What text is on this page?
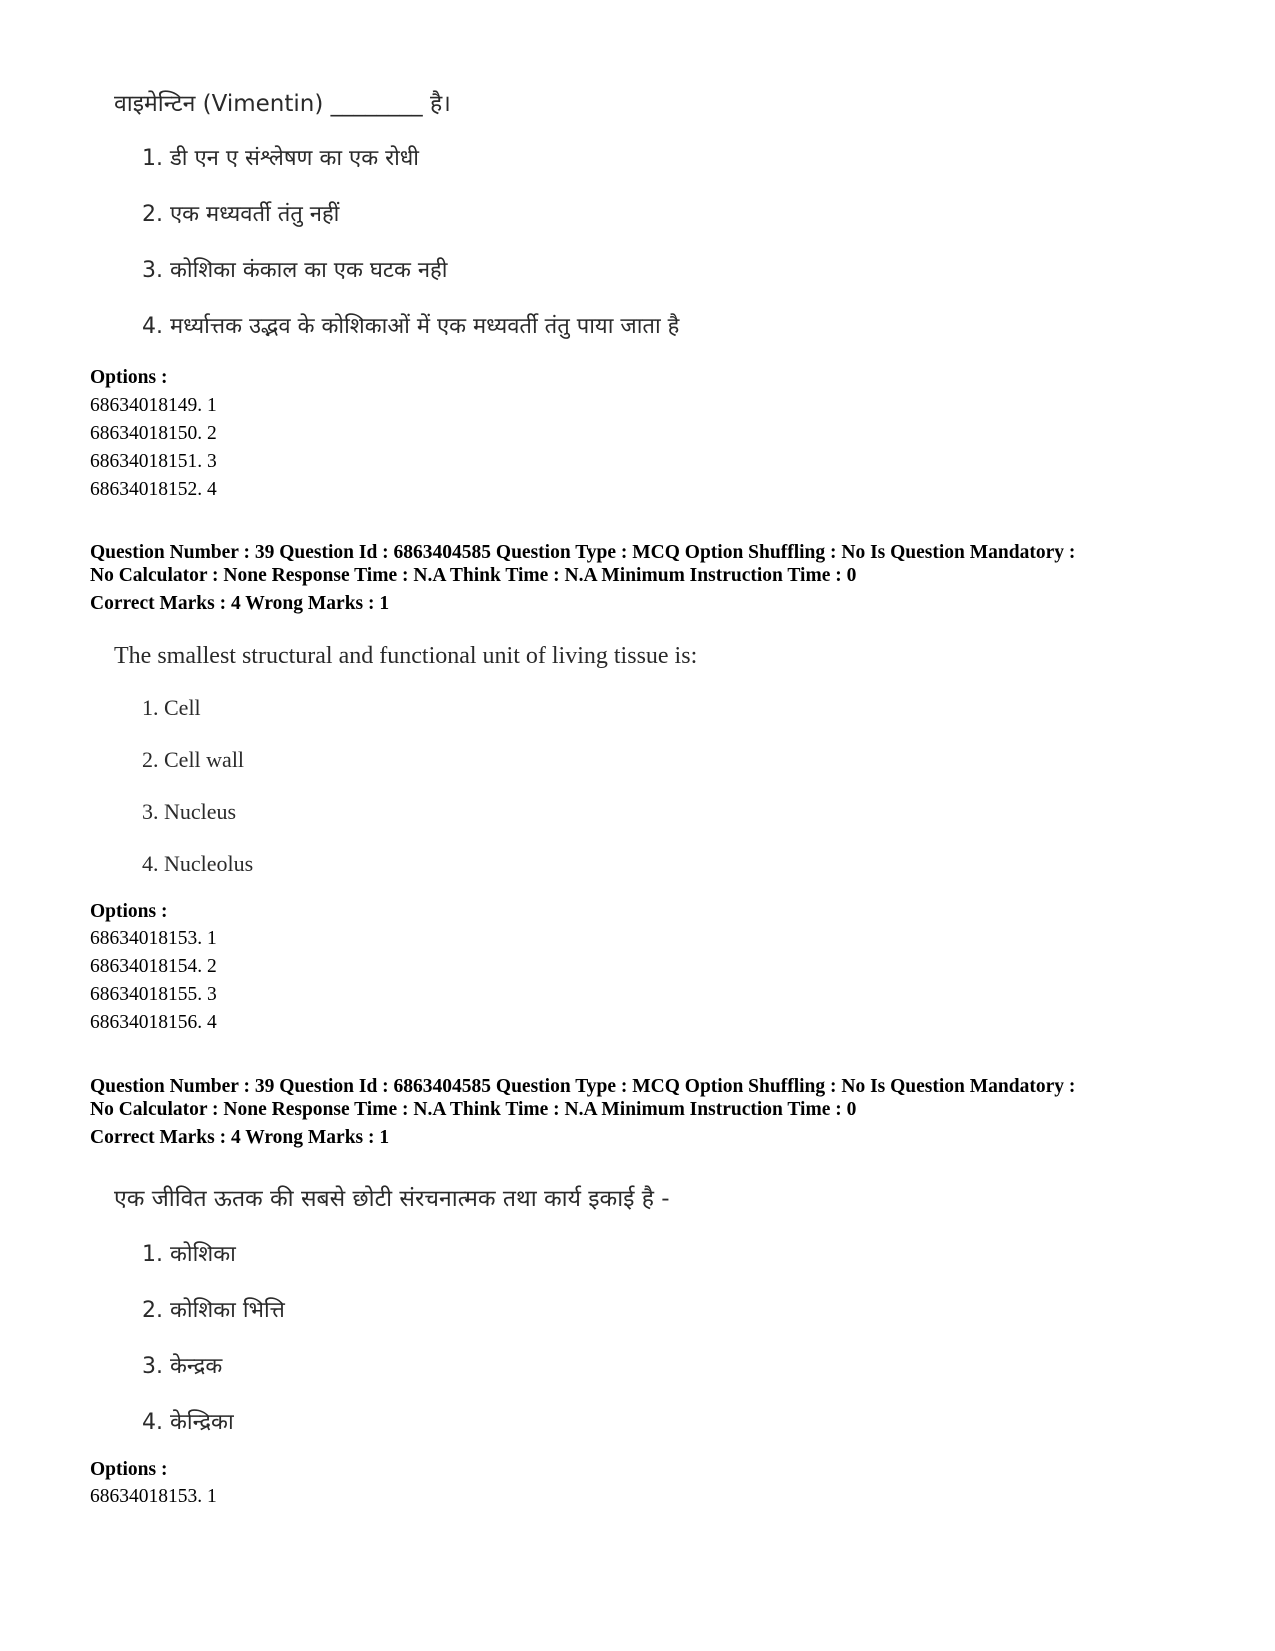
वाइमेन्टिन (Vimentin) ________ है।
1. डी एन ए संश्लेषण का एक रोधी
2. एक मध्यवर्ती तंतु नहीं
3. कोशिका कंकाल का एक घटक नही
4. मर्ध्यात्तक उद्भव के कोशिकाओं में एक मध्यवर्ती तंतु पाया जाता है
Options :
68634018149. 1
68634018150. 2
68634018151. 3
68634018152. 4
Question Number : 39 Question Id : 6863404585 Question Type : MCQ Option Shuffling : No Is Question Mandatory :
No Calculator : None Response Time : N.A Think Time : N.A Minimum Instruction Time : 0
Correct Marks : 4 Wrong Marks : 1
The smallest structural and functional unit of living tissue is:
1. Cell
2. Cell wall
3. Nucleus
4. Nucleolus
Options :
68634018153. 1
68634018154. 2
68634018155. 3
68634018156. 4
Question Number : 39 Question Id : 6863404585 Question Type : MCQ Option Shuffling : No Is Question Mandatory :
No Calculator : None Response Time : N.A Think Time : N.A Minimum Instruction Time : 0
Correct Marks : 4 Wrong Marks : 1
एक जीवित ऊतक की सबसे छोटी संरचनात्मक तथा कार्य इकाई है -
1. कोशिका
2. कोशिका भित्ति
3. केन्द्रक
4. केन्द्रिका
Options :
68634018153. 1
